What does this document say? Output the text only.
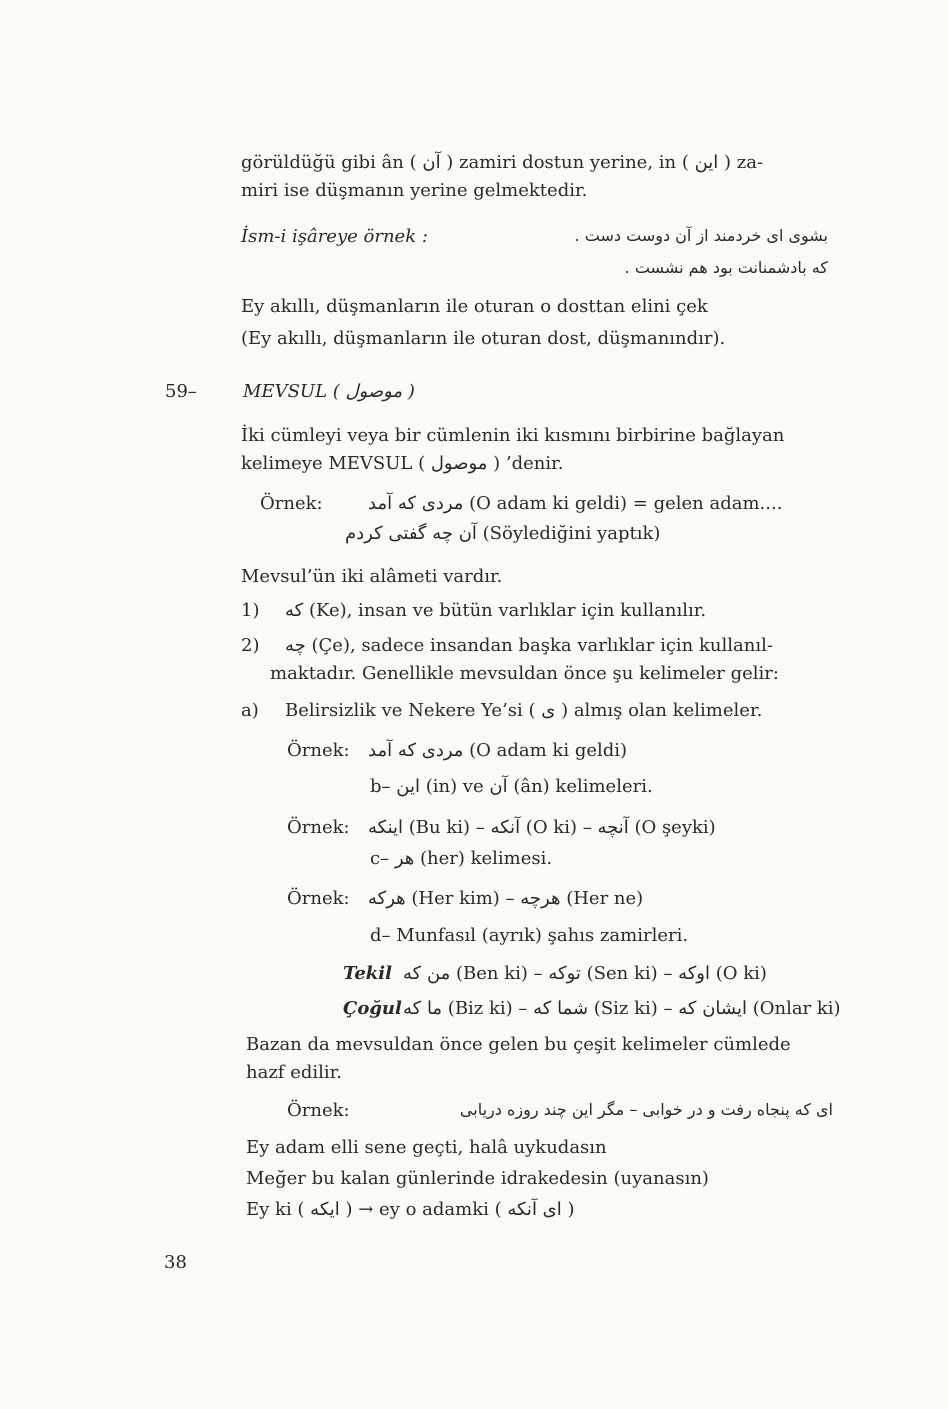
görüldüğü gibi ân ( آن ) zamiri dostun yerine, in ( این ) za-
miri ise düşmanın yerine gelmektedir.
İsm-i işâreye örnek :	بشوی ای خردمند از آن دوست دست .
که بادشمنانت بود هم نشست .
Ey akıllı, düşmanların ile oturan o dosttan elini çek
(Ey akıllı, düşmanların ile oturan dost, düşmanındır).
59–	MEVSUL ( موصول )
İki cümleyi veya bir cümlenin iki kısmını birbirine bağlayan
kelimeye MEVSUL ( موصول ) ’denir.
Örnek:	مردی که آمد (O adam ki geldi) = gelen adam....
آن چه گفتی کردم (Söylediğini yaptık)
Mevsul’ün iki alâmeti vardır.
1) که (Ke), insan ve bütün varlıklar için kullanılır.
2) چه (Çe), sadece insandan başka varlıklar için kullanıl-
maktadır. Genellikle mevsuldan önce şu kelimeler gelir:
a) Belirsizlik ve Nekere Ye’si ( ی ) almış olan kelimeler.
Örnek: مردی که آمد (O adam ki geldi)
b– این (in) ve آن (ân) kelimeleri.
Örnek: اینکه (Bu ki) – آنکه (O ki) – آنچه (O şeyki)
c– هر (her) kelimesi.
Örnek: هرکه (Her kim) – هرچه (Her ne)
d– Munfasıl (ayrık) şahıs zamirleri.
Tekil من که (Ben ki) – توکه (Sen ki) – اوکه (O ki)
Çoğul ما که (Biz ki) – شما که (Siz ki) – ایشان که (Onlar ki)
Bazan da mevsuldan önce gelen bu çeşit kelimeler cümlede
hazf edilir.
Örnek:	ای که پنجاه رفت و در خوابی – مگر این چند روزه دریابی
Ey adam elli sene geçti, halâ uykudasın
Meğer bu kalan günlerinde idrakedesin (uyanasın)
Ey ki ( ایکه ) → ey o adamki ( ای آنکه )
38
